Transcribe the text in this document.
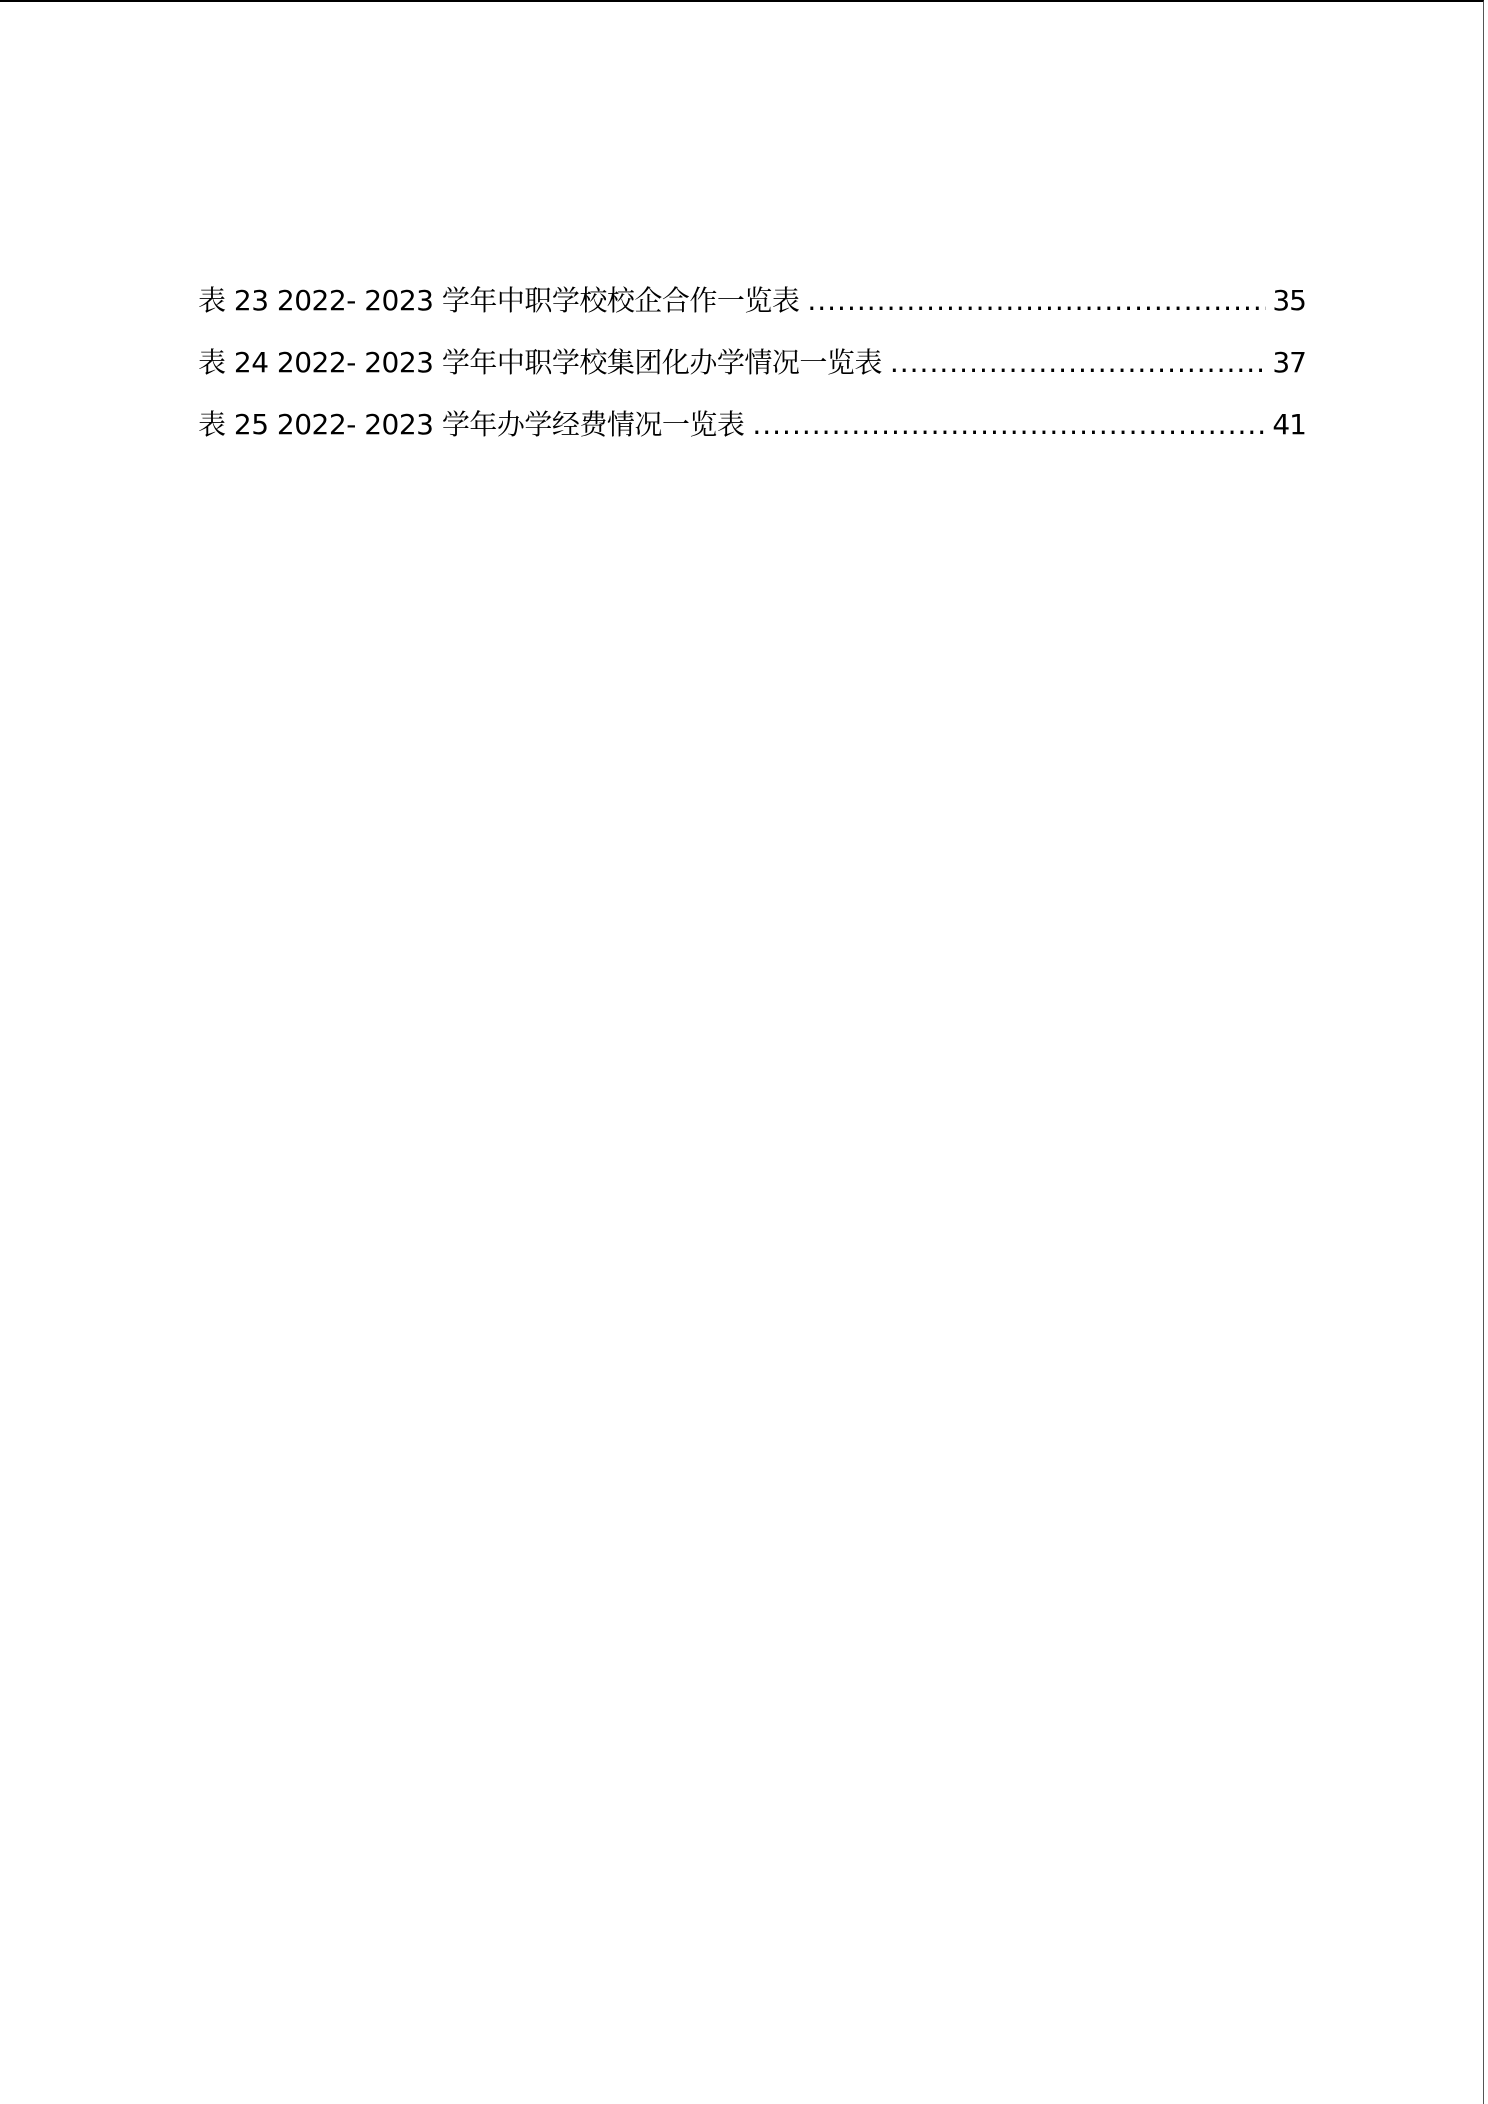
表 23 2022- 2023 学年中职学校校企合作一览表 .....	35
表 24 2022- 2023 学年中职学校集团化办学情况一览表 .....	37
表 25 2022- 2023 学年办学经费情况一览表 .....	41
